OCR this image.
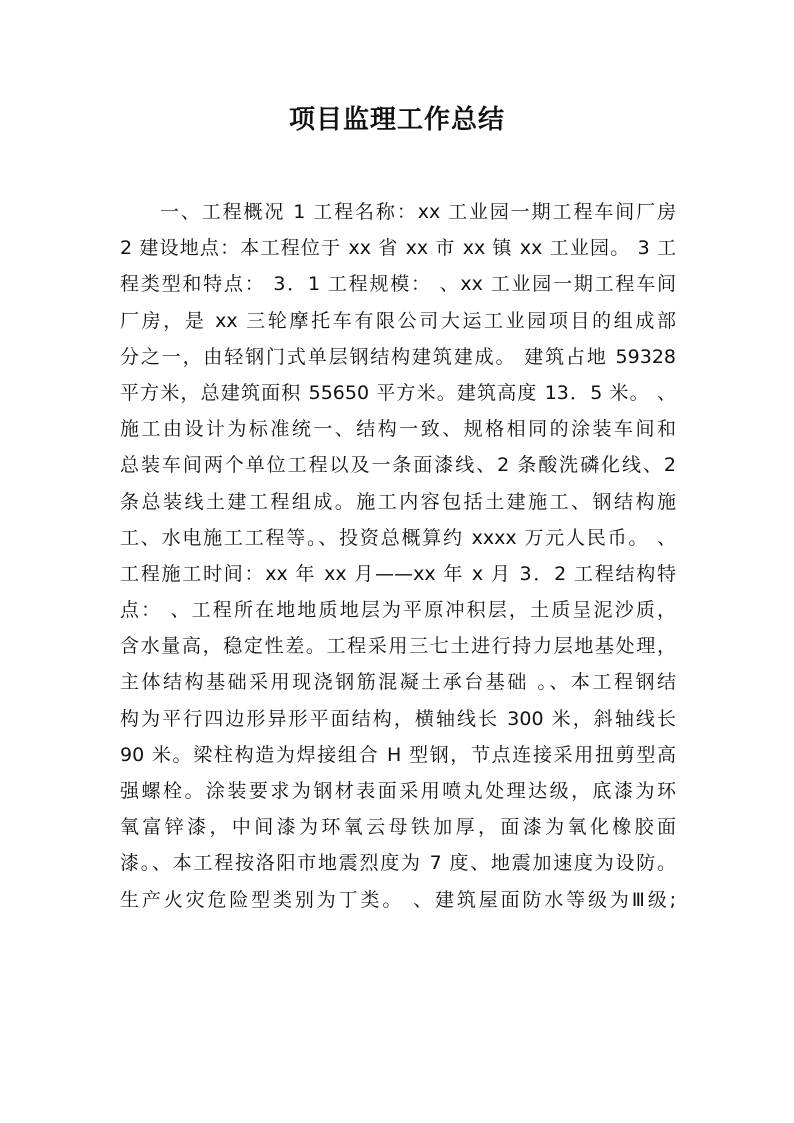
项目监理工作总结
一、工程概况 1 工程名称：xx 工业园一期工程车间厂房
2 建设地点：本工程位于 xx 省 xx 市 xx 镇 xx 工业园。 3 工
程类型和特点： 3．1 工程规模： 、xx 工业园一期工程车间
厂房，是 xx 三轮摩托车有限公司大运工业园项目的组成部
分之一，由轻钢门式单层钢结构建筑建成。 建筑占地 59328
平方米，总建筑面积 55650 平方米。建筑高度 13．5 米。 、
施工由设计为标准统一、结构一致、规格相同的涂装车间和
总装车间两个单位工程以及一条面漆线、2 条酸洗磷化线、2
条总装线土建工程组成。施工内容包括土建施工、钢结构施
工、水电施工工程等。、投资总概算约 xxxx 万元人民币。 、
工程施工时间：xx 年 xx 月——xx 年 x 月 3．2 工程结构特
点： 、工程所在地地质地层为平原冲积层，土质呈泥沙质，
含水量高，稳定性差。工程采用三七土进行持力层地基处理，
主体结构基础采用现浇钢筋混凝土承台基础 。、本工程钢结
构为平行四边形异形平面结构，横轴线长 300 米，斜轴线长
90 米。梁柱构造为焊接组合 H 型钢，节点连接采用扭剪型高
强螺栓。涂装要求为钢材表面采用喷丸处理达级，底漆为环
氧富锌漆，中间漆为环氧云母铁加厚，面漆为氧化橡胶面
漆。、本工程按洛阳市地震烈度为 7 度、地震加速度为设防。
生产火灾危险型类别为丁类。 、建筑屋面防水等级为Ⅲ级;
